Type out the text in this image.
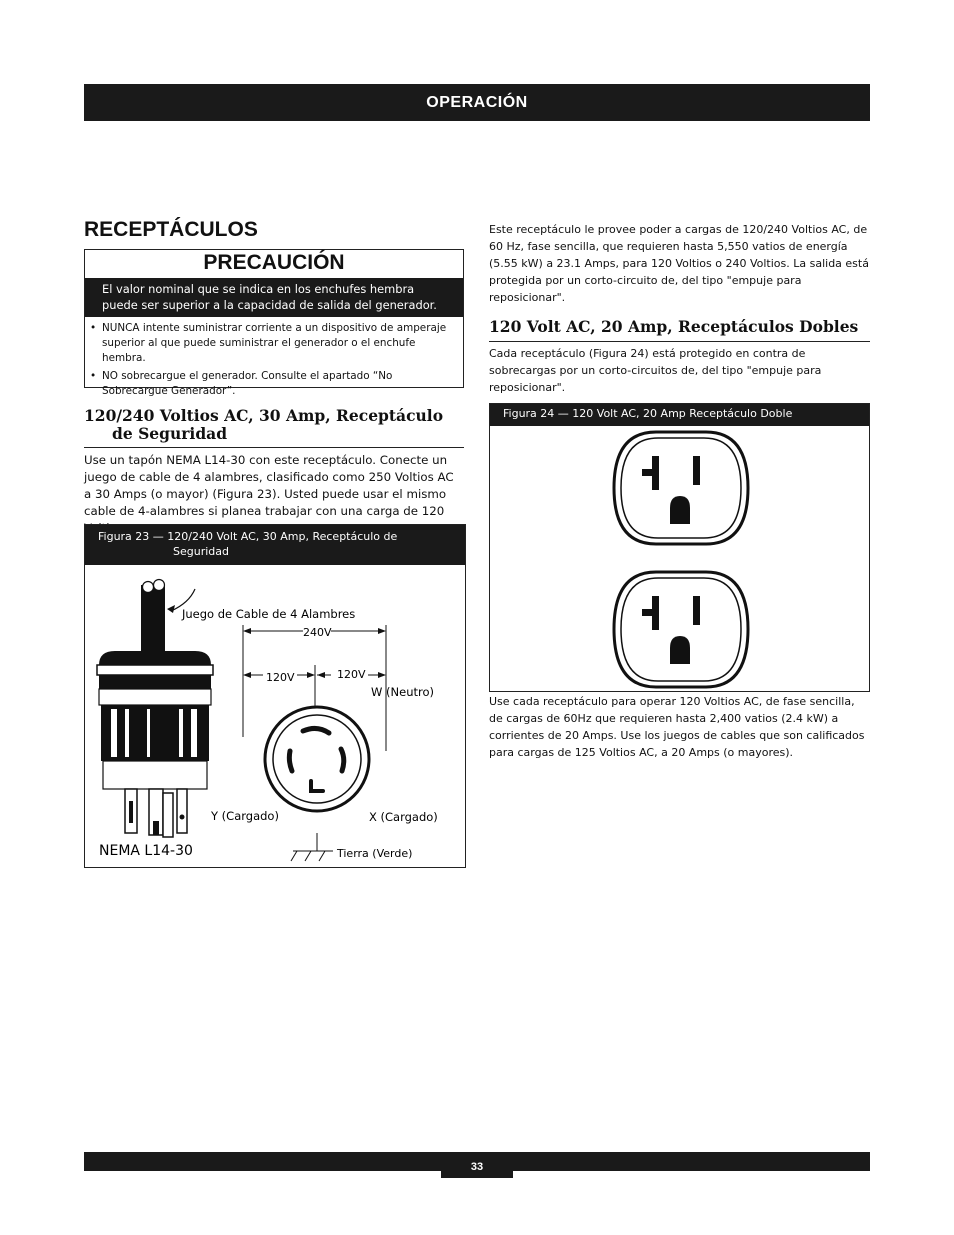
OPERACIÓN
RECEPTÁCULOS
PRECAUCIÓN
El valor nominal que se indica en los enchufes hembra puede ser superior a la capacidad de salida del generador.
• NUNCA intente suministrar corriente a un dispositivo de amperaje superior al que puede suministrar el generador o el enchufe hembra.
• NO sobrecargue el generador. Consulte el apartado “No Sobrecargue Generador”.
120/240 Voltios AC, 30 Amp, Receptáculo
de Seguridad

Use un tapón NEMA L14-30 con este receptáculo. Conecte un juego de cable de 4 alambres, clasificado como 250 Voltios AC a 30 Amps (o mayor) (Figura 23). Usted puede usar el mismo cable de 4-alambres si planea trabajar con una carga de 120

Figura 23 — 120/240 Volt AC, 30 Amp, Receptáculo de
Seguridad
Juego de Cable de 4 Alambres
240V
120V	120V
W (Neutro)
Y (Cargado)	X (Cargado)
Tierra (Verde)
NEMA L14-30

Este receptáculo le provee poder a cargas de 120/240 Voltios AC, de 60 Hz, fase sencilla, que requieren hasta 5,550 vatios de energía (5.55 kW) a 23.1 Amps, para 120 Voltios o 240 Voltios. La salida está protegida por un corto-circuito de, del tipo "empuje para reposicionar".

120 Volt AC, 20 Amp, Receptáculos Dobles

Cada receptáculo (Figura 24) está protegido en contra de sobrecargas por un corto-circuitos de, del tipo "empuje para reposicionar".

Figura 24 — 120 Volt AC, 20 Amp Receptáculo Doble

Use cada receptáculo para operar 120 Voltios AC, de fase sencilla, de cargas de 60Hz que requieren hasta 2,400 vatios (2.4 kW) a corrientes de 20 Amps. Use los juegos de cables que son calificados para cargas de 125 Voltios AC, a 20 Amps (o mayores).

33
